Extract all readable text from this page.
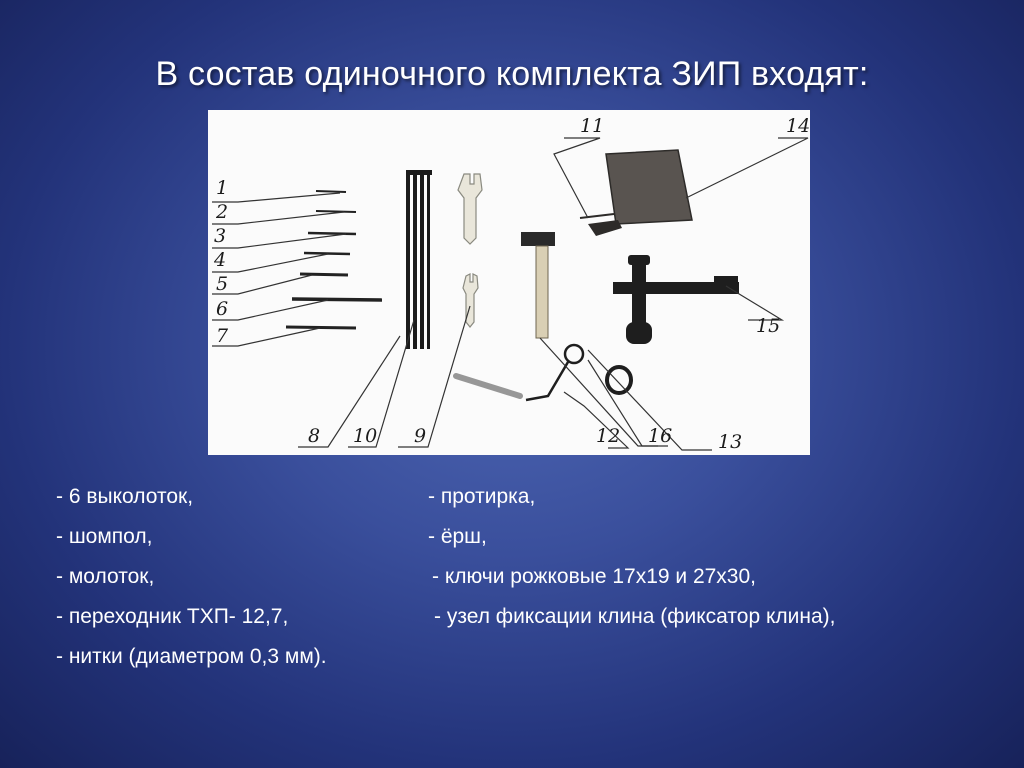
В состав одиночного комплекта ЗИП входят:
1
2
3
4
5
6
7
8 10 9
11	14
15
12 16 13
- 6 выколоток,
- шомпол,
- молоток,
- переходник ТХП- 12,7,
- нитки (диаметром 0,3 мм).
- протирка,
- ёрш,
- ключи рожковые 17х19 и 27х30,
- узел фиксации клина (фиксатор клина),
